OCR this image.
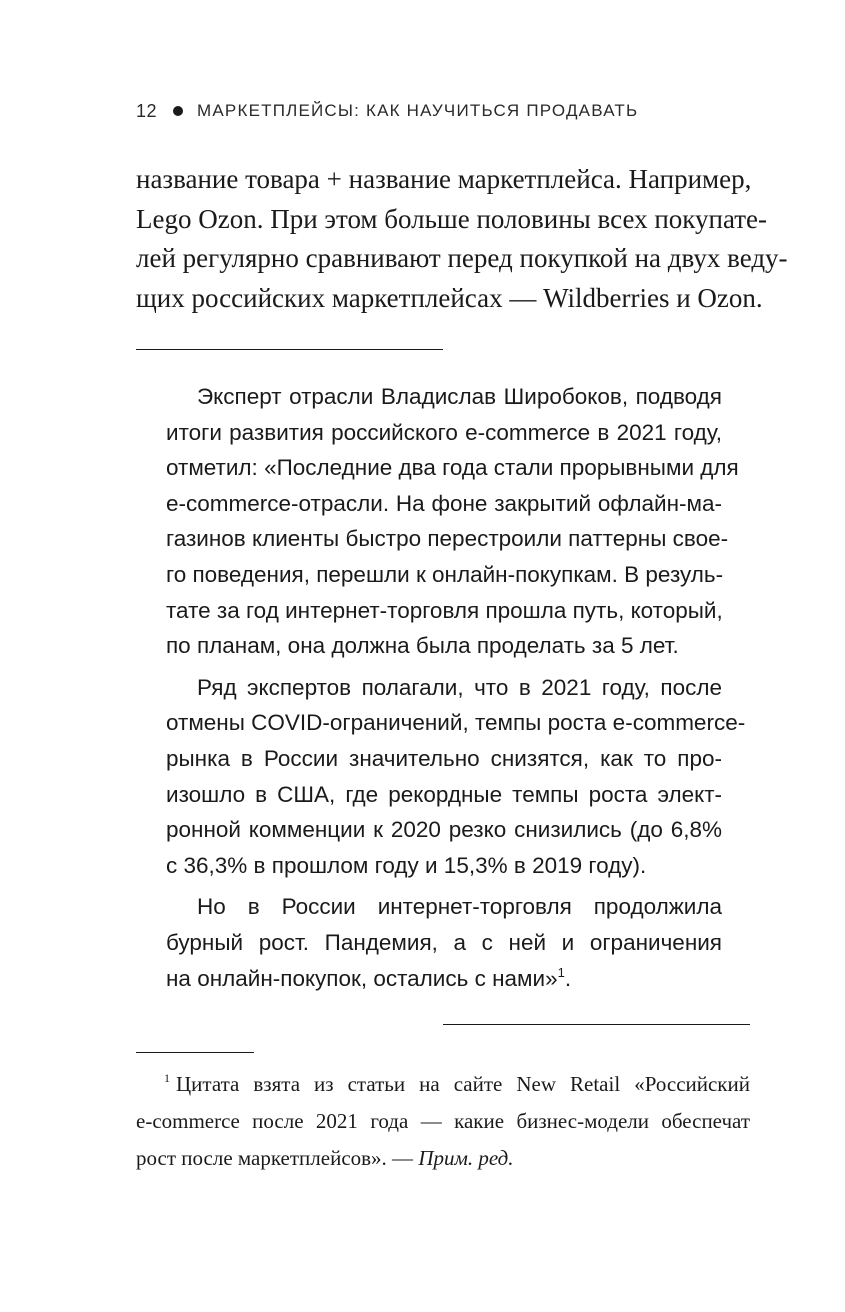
12 МАРКЕТПЛЕЙСЫ: КАК НАУЧИТЬСЯ ПРОДАВАТЬ
название товара + название маркетплейса. Например,
Lego Ozon. При этом больше половины всех покупате-
лей регулярно сравнивают перед покупкой на двух веду-
щих российских маркетплейсах — Wildberries и Ozon.
Эксперт отрасли Владислав Широбоков, подводя
итоги развития российского e-commerce в 2021 году,
отметил: «Последние два года стали прорывными для
e-commerce-отрасли. На фоне закрытий офлайн-ма-
газинов клиенты быстро перестроили паттерны свое-
го поведения, перешли к онлайн-покупкам. В резуль-
тате за год интернет-торговля прошла путь, который,
по планам, она должна была проделать за 5 лет.
Ряд экспертов полагали, что в 2021 году, после
отмены COVID-ограничений, темпы роста e-commerce-
рынка в России значительно снизятся, как то про-
изошло в США, где рекордные темпы роста элект-
ронной комменции к 2020 резко снизились (до 6,8%
с 36,3% в прошлом году и 15,3% в 2019 году).
Но в России интернет-торговля продолжила
бурный рост. Пандемия, а с ней и ограничения
на онлайн-покупок, остались с нами»$^1$.
$^1$ Цитата взята из статьи на сайте New Retail «Российский
e-commerce после 2021 года — какие бизнес-модели обеспечат
рост после маркетплейсов». — Прим. ред.
